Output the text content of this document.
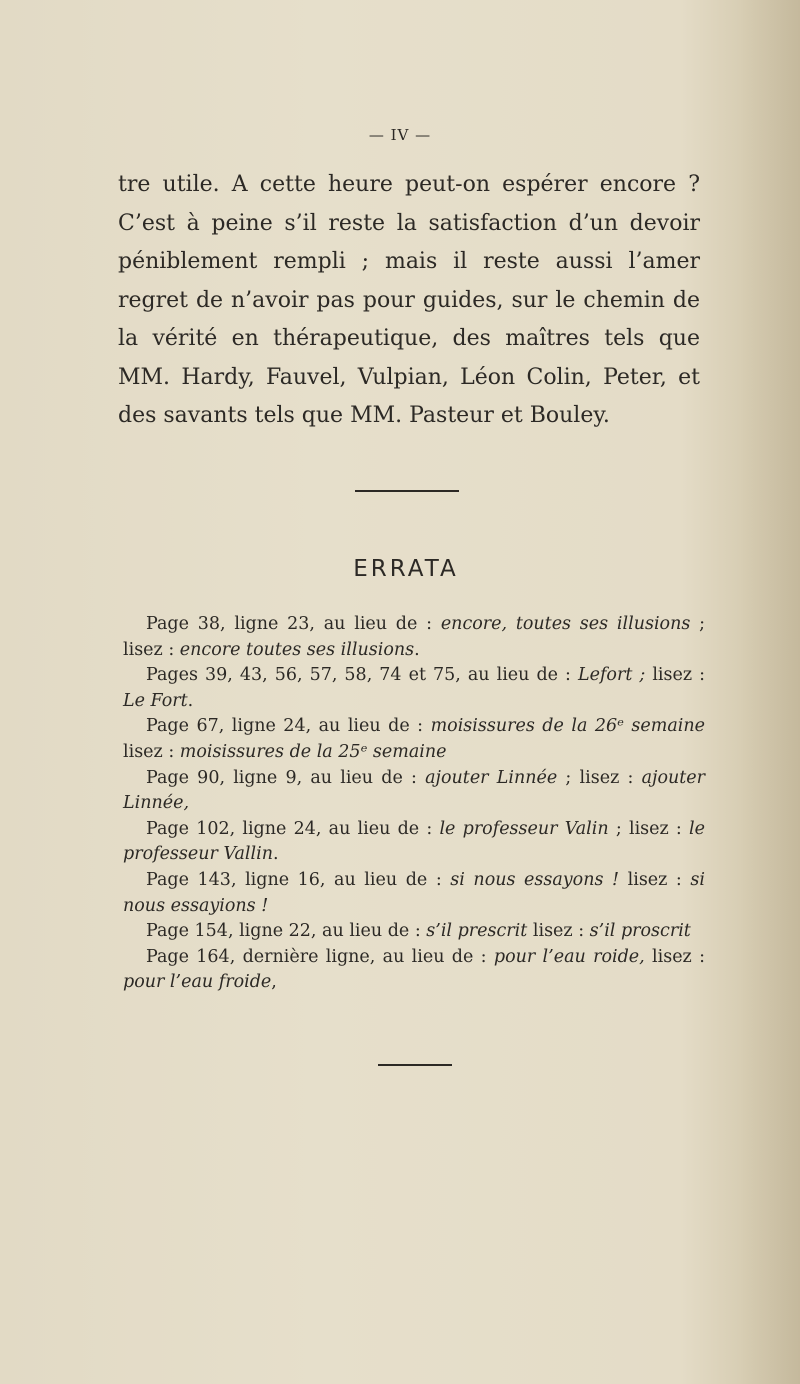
— IV —

tre utile. A cette heure peut-on espérer encore ? C’est à peine s’il reste la satisfaction d’un devoir péniblement rempli ; mais il reste aussi l’amer regret de n’avoir pas pour guides, sur le chemin de la vérité en thérapeutique, des maîtres tels que MM. Hardy, Fauvel, Vulpian, Léon Colin, Peter, et des savants tels que MM. Pasteur et Bouley.

ERRATA

Page 38, ligne 23, au lieu de : encore, toutes ses illusions ; lisez : encore toutes ses illusions.

Pages 39, 43, 56, 57, 58, 74 et 75, au lieu de : Lefort ; lisez : Le Fort.

Page 67, ligne 24, au lieu de : moisissures de la 26ᵉ semaine lisez : moisissures de la 25ᵉ semaine

Page 90, ligne 9, au lieu de : ajouter Linnée ; lisez : ajouter Linnée,

Page 102, ligne 24, au lieu de : le professeur Valin ; lisez : le professeur Vallin.

Page 143, ligne 16, au lieu de : si nous essayons ! lisez : si nous essayions !

Page 154, ligne 22, au lieu de : s’il prescrit lisez : s’il proscrit

Page 164, dernière ligne, au lieu de : pour l’eau roide, lisez : pour l’eau froide,
